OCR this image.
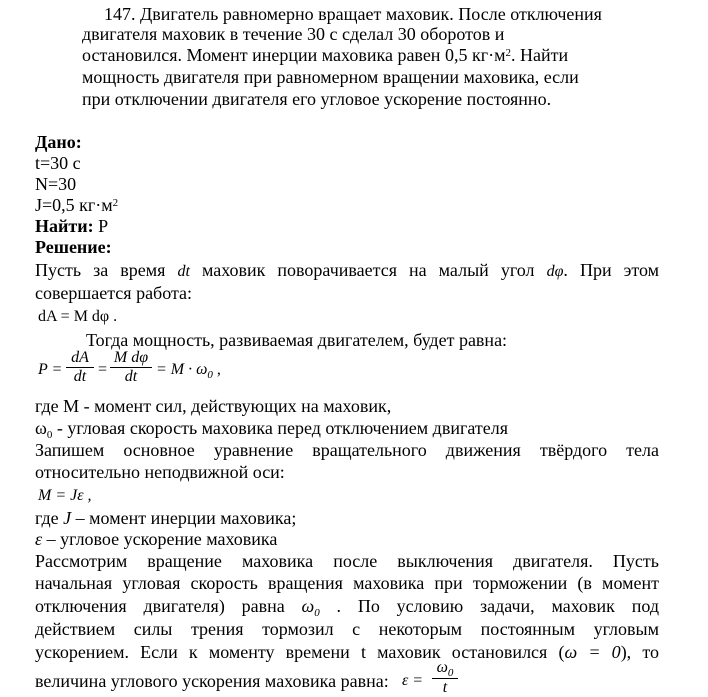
147. Двигатель равномерно вращает маховик. После отключения
двигателя маховик в течение 30 с сделал 30 оборотов и
остановился. Момент инерции маховика равен 0,5 $кг\cdot м^2$. Найти
мощность двигателя при равномерном вращении маховика, если
при отключении двигателя его угловое ускорение постоянно.
Дано:
t=30 с
N=30
J=0,5 $кг\cdot м^2$
Найти: Р
Решение:
Пусть за время dt маховик поворачивается на малый угол dφ. При этом
совершается работа:
dA = M dφ .
Тогда мощность, развиваемая двигателем, будет равна:
$P = \frac{dA}{dt} = \frac{\text{M dφ}}{dt} = M \cdot \omega_0$ ,
где М - момент сил, действующих на маховик,
$\omega_0$ - угловая скорость маховика перед отключением двигателя
Запишем основное уравнение вращательного движения твёрдого тела
относительно неподвижной оси:
M = Jε ,
где J – момент инерции маховика;
ε – угловое ускорение маховика
Рассмотрим вращение маховика после выключения двигателя. Пусть
начальная угловая скорость вращения маховика при торможении (в момент
отключения двигателя) равна $\omega_0$ . По условию задачи, маховик под
действием силы трения тормозил с некоторым постоянным угловым
ускорением. Если к моменту времени t маховик остановился (ω = 0), то
величина углового ускорения маховика равна: $\varepsilon = \frac{\omega_0}{t}$
